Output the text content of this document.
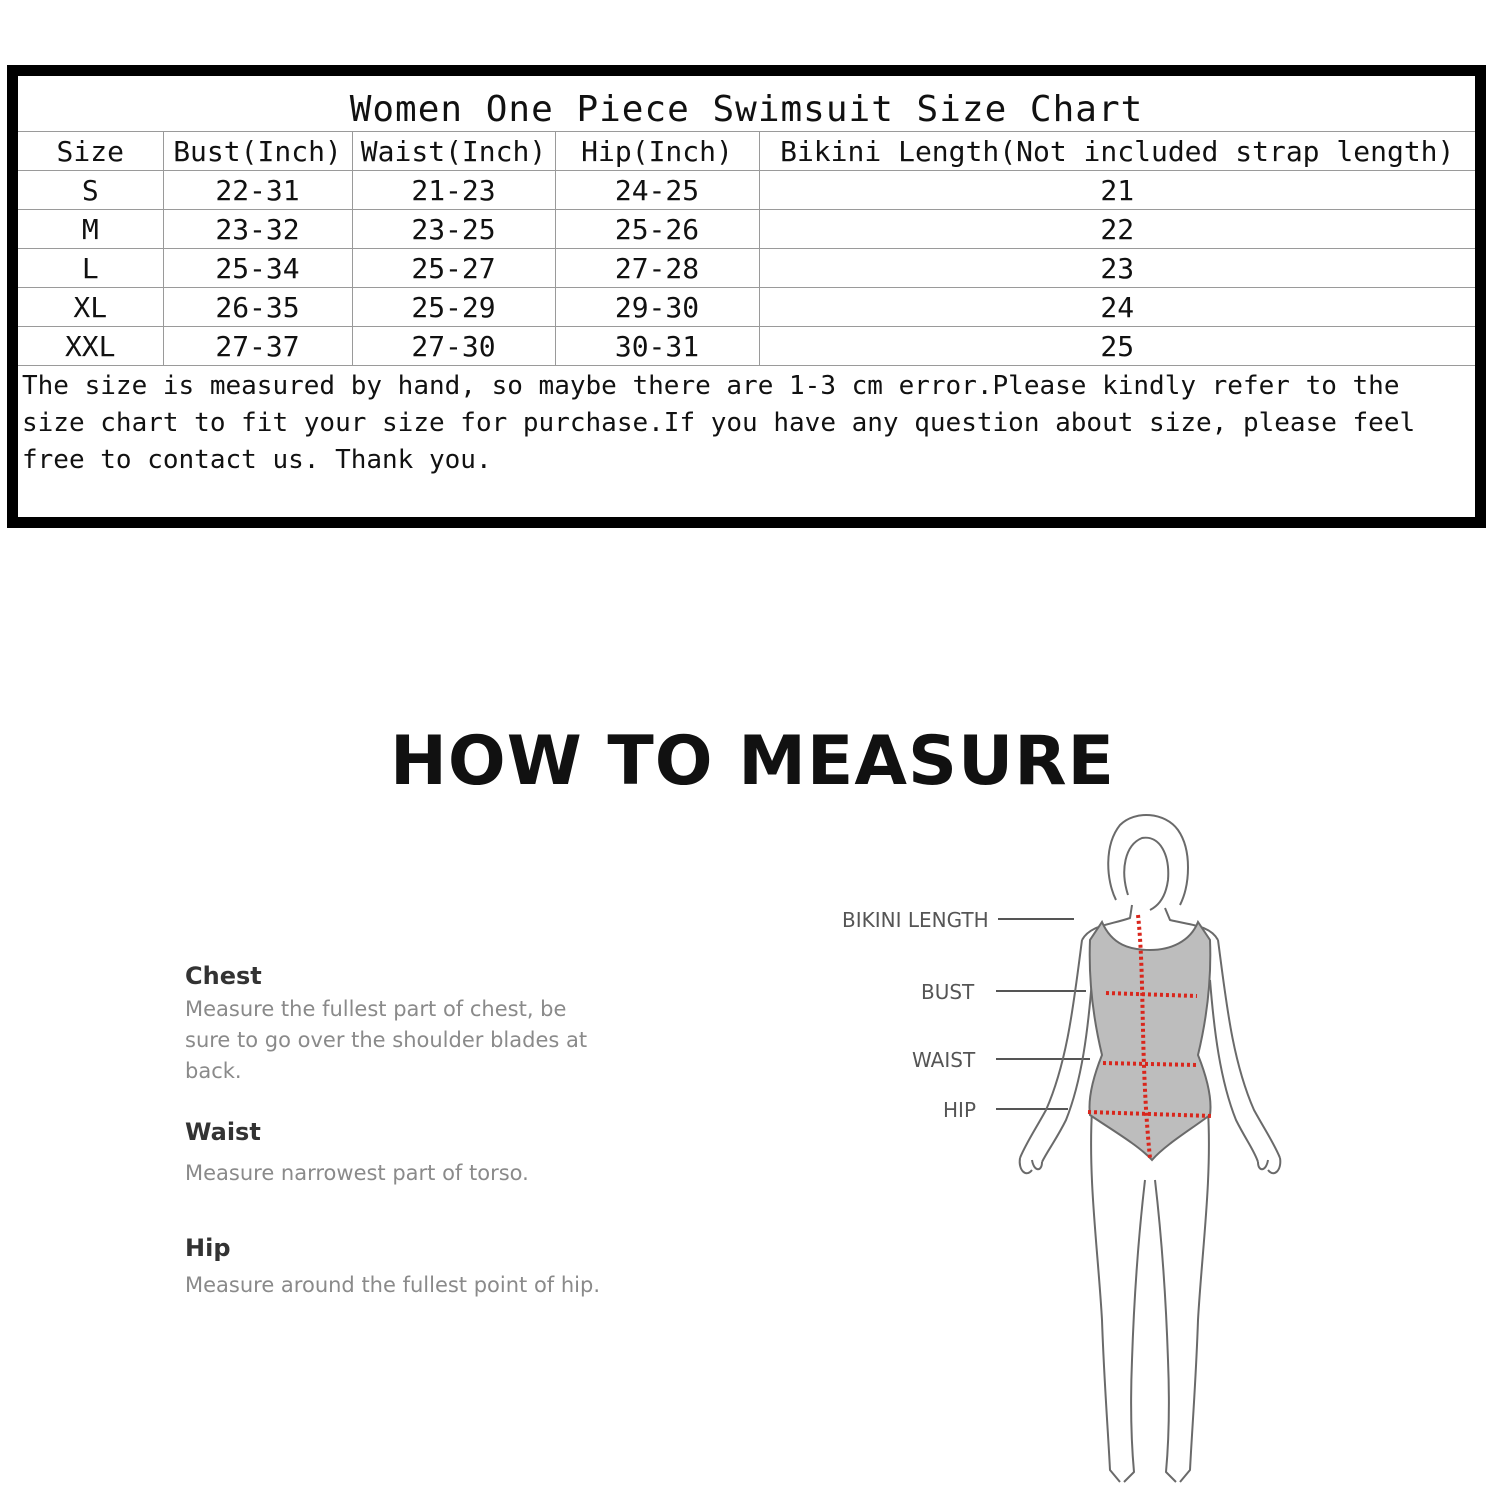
Women One Piece Swimsuit Size Chart
Size	Bust(Inch)	Waist(Inch)	Hip(Inch)	Bikini Length(Not included strap length)
S	22-31	21-23	24-25	21
M	23-32	23-25	25-26	22
L	25-34	25-27	27-28	23
XL	26-35	25-29	29-30	24
XXL	27-37	27-30	30-31	25

The size is measured by hand, so maybe there are 1-3 cm error.Please kindly refer to the size chart to fit your size for purchase.If you have any question about size, please feel free to contact us. Thank you.

HOW TO MEASURE

Chest

Measure the fullest part of chest, be sure to go over the shoulder blades at back.

Waist

Measure narrowest part of torso.

Hip

Measure around the fullest point of hip.

BIKINI LENGTH
BUST
WAIST
HIP
